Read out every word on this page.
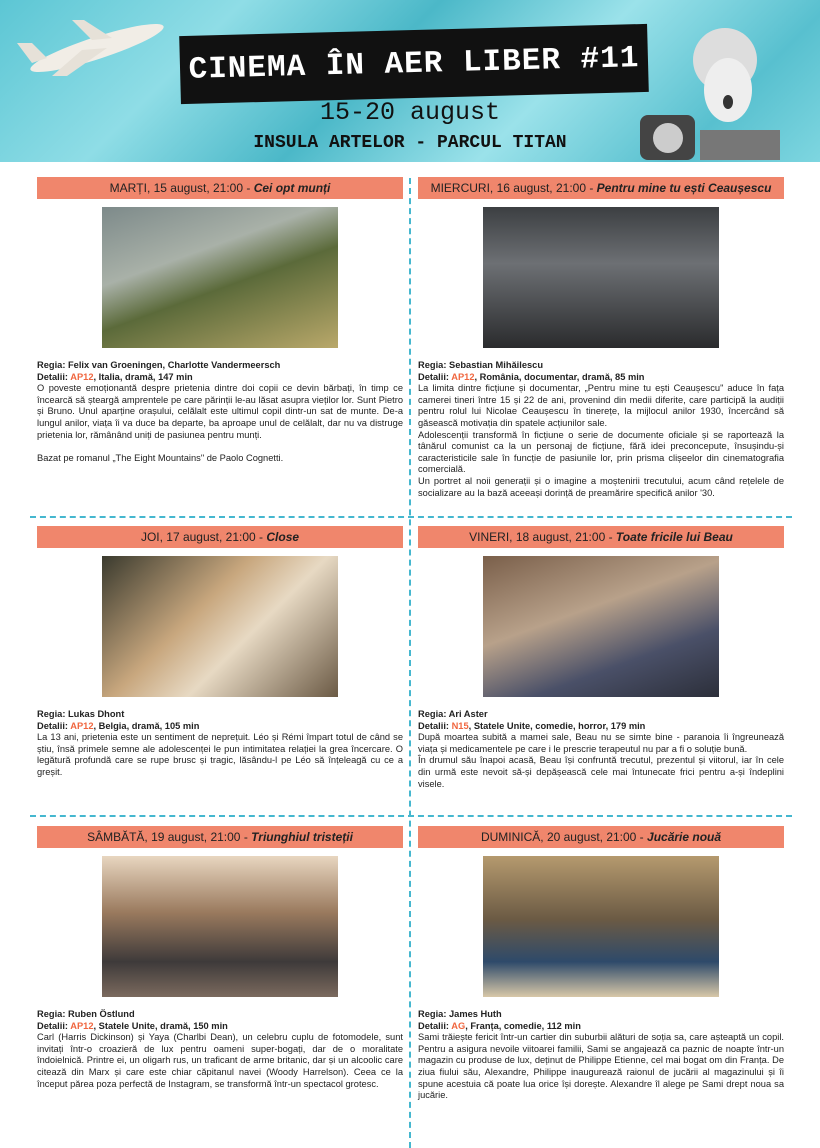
CINEMA ÎN AER LIBER #11
15-20 august
INSULA ARTELOR - PARCUL TITAN
MARȚI, 15 august, 21:00 - Cei opt munți

Regia: Felix van Groeningen, Charlotte Vandermeersch

Detalii: AP12, Italia, dramă, 147 min

O poveste emoționantă despre prietenia dintre doi copii ce devin bărbați, în timp ce încearcă să șteargă amprentele pe care părinții le-au lăsat asupra vieților lor. Sunt Pietro și Bruno. Unul aparține orașului, celălalt este ultimul copil dintr-un sat de munte. De-a lungul anilor, viața îi va duce ba departe, ba aproape unul de celălalt, dar nu va distruge prietenia lor, rămânând uniți de pasiunea pentru munți.

Bazat pe romanul „The Eight Mountains" de Paolo Cognetti.

MIERCURI, 16 august, 21:00 - Pentru mine tu ești Ceaușescu

Regia: Sebastian Mihăilescu

Detalii: AP12, România, documentar, dramă, 85 min

La limita dintre ficțiune și documentar, „Pentru mine tu ești Ceaușescu" aduce în fața camerei tineri între 15 și 22 de ani, provenind din medii diferite, care participă la audiții pentru rolul lui Nicolae Ceaușescu în tinerețe, la mijlocul anilor 1930, încercând să găsească motivația din spatele acțiunilor sale.

Adolescenții transformă în ficțiune o serie de documente oficiale și se raportează la tânărul comunist ca la un personaj de ficțiune, fără idei preconcepute, însușindu-și caracteristicile sale în funcție de pasiunile lor, prin prisma clișeelor din cinematografia comercială.

Un portret al noii generații și o imagine a moștenirii trecutului, acum când rețelele de socializare au la bază aceeași dorință de preamărire specifică anilor '30.

JOI, 17 august, 21:00 - Close

Regia: Lukas Dhont

Detalii: AP12, Belgia, dramă, 105 min

La 13 ani, prietenia este un sentiment de neprețuit. Léo și Rémi împart totul de când se știu, însă primele semne ale adolescenței le pun intimitatea relației la grea încercare. O legătură profundă care se rupe brusc și tragic, lăsându-l pe Léo să înțeleagă cu ce a greșit.

VINERI, 18 august, 21:00 - Toate fricile lui Beau

Regia: Ari Aster

Detalii: N15, Statele Unite, comedie, horror, 179 min

După moartea subită a mamei sale, Beau nu se simte bine - paranoia îi îngreunează viața și medicamentele pe care i le prescrie terapeutul nu par a fi o soluție bună.

În drumul său înapoi acasă, Beau își confruntă trecutul, prezentul și viitorul, iar în cele din urmă este nevoit să-și depășească cele mai întunecate frici pentru a-și îndeplini visele.

SÂMBĂTĂ, 19 august, 21:00 - Triunghiul tristeții

Regia: Ruben Östlund

Detalii: AP12, Statele Unite, dramă, 150 min

Carl (Harris Dickinson) și Yaya (Charlbi Dean), un celebru cuplu de fotomodele, sunt invitați într-o croazieră de lux pentru oameni super-bogați, dar de o moralitate îndoielnică. Printre ei, un oligarh rus, un traficant de arme britanic, dar și un alcoolic care citează din Marx și care este chiar căpitanul navei (Woody Harrelson). Ceea ce la început părea poza perfectă de Instagram, se transformă într-un spectacol grotesc.

DUMINICĂ, 20 august, 21:00 - Jucărie nouă

Regia: James Huth

Detalii: AG, Franța, comedie, 112 min

Sami trăiește fericit într-un cartier din suburbii alături de soția sa, care așteaptă un copil. Pentru a asigura nevoile viitoarei familii, Sami se angajează ca paznic de noapte într-un magazin cu produse de lux, deținut de Philippe Etienne, cel mai bogat om din Franța. De ziua fiului său, Alexandre, Philippe inaugurează raionul de jucării al magazinului și îi spune acestuia că poate lua orice își dorește. Alexandre îl alege pe Sami drept noua sa jucărie.
